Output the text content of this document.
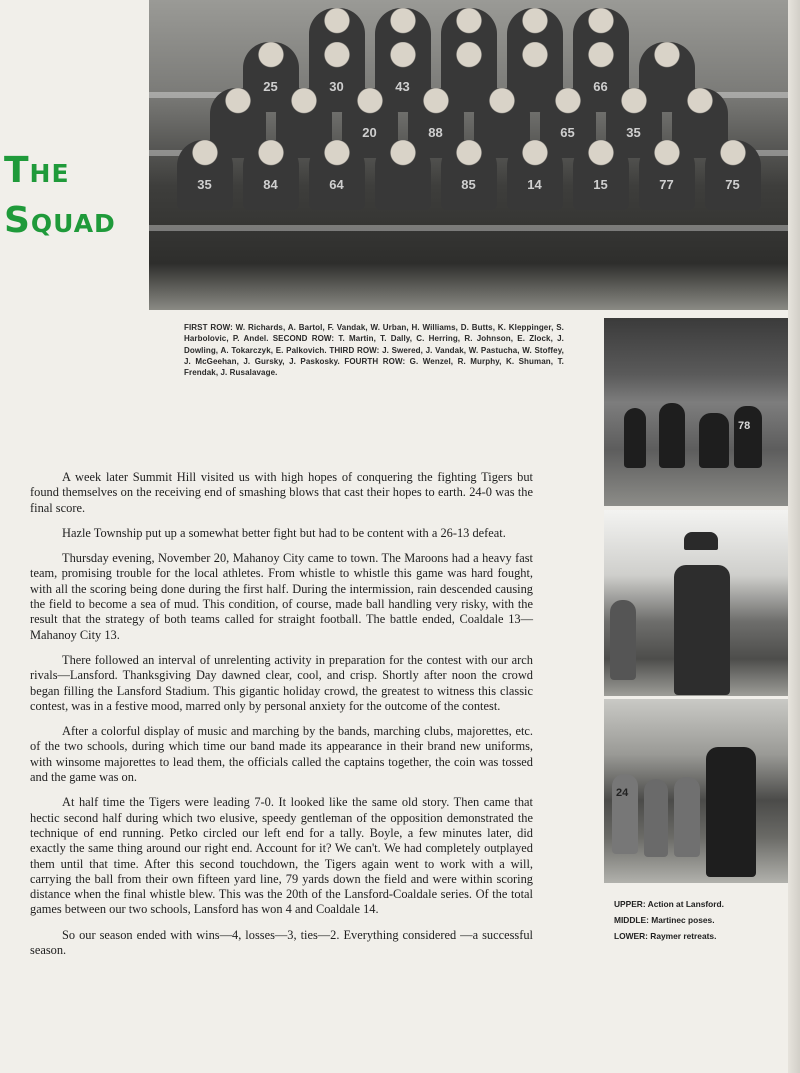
The
Squad
25	30	43	66
20	88	65	35
35	84	64	85	14	15	77	75
FIRST ROW: W. Richards, A. Bartol, F. Vandak, W. Urban, H. Williams, D. Butts, K. Kleppinger, S. Harbolovic, P. Andel. SECOND ROW: T. Martin, T. Dally, C. Herring, R. Johnson, E. Zlock, J. Dowling, A. Tokarczyk, E. Palkovich. THIRD ROW: J. Swered, J. Vandak, W. Pastucha, W. Stoffey, J. McGeehan, J. Gursky, J. Paskosky. FOURTH ROW: G. Wenzel, R. Murphy, K. Shuman, T. Frendak, J. Rusalavage.
78
24

A week later Summit Hill visited us with high hopes of conquering the fighting Tigers but found themselves on the receiving end of smashing blows that cast their hopes to earth. 24-0 was the final score.

Hazle Township put up a somewhat better fight but had to be content with a 26-13 defeat.

Thursday evening, November 20, Mahanoy City came to town. The Maroons had a heavy fast team, promising trouble for the local athletes. From whistle to whistle this game was hard fought, with all the scoring being done during the first half. During the intermission, rain descended causing the field to become a sea of mud. This condition, of course, made ball handling very risky, with the result that the strategy of both teams called for straight football. The battle ended, Coaldale 13— Mahanoy City 13.

There followed an interval of unrelenting activity in preparation for the contest with our arch rivals—Lansford. Thanksgiving Day dawned clear, cool, and crisp. Shortly after noon the crowd began filling the Lansford Stadium. This gigantic holiday crowd, the greatest to witness this classic contest, was in a festive mood, marred only by personal anxiety for the outcome of the contest.

After a colorful display of music and marching by the bands, marching clubs, majorettes, etc. of the two schools, during which time our band made its appearance in their brand new uniforms, with winsome majorettes to lead them, the officials called the captains together, the coin was tossed and the game was on.

At half time the Tigers were leading 7-0. It looked like the same old story. Then came that hectic second half during which two elusive, speedy gentleman of the opposition demonstrated the technique of end running. Petko circled our left end for a tally. Boyle, a few minutes later, did exactly the same thing around our right end. Account for it? We can't. We had completely outplayed them until that time. After this second touchdown, the Tigers again went to work with a will, carrying the ball from their own fifteen yard line, 79 yards down the field and were within scoring distance when the final whistle blew. This was the 20th of the Lansford-Coaldale series. Of the total games between our two schools, Lansford has won 4 and Coaldale 14.

So our season ended with wins—4, losses—3, ties—2. Everything considered —a successful season.

UPPER: Action at Lansford.
MIDDLE: Martinec poses.
LOWER: Raymer retreats.
